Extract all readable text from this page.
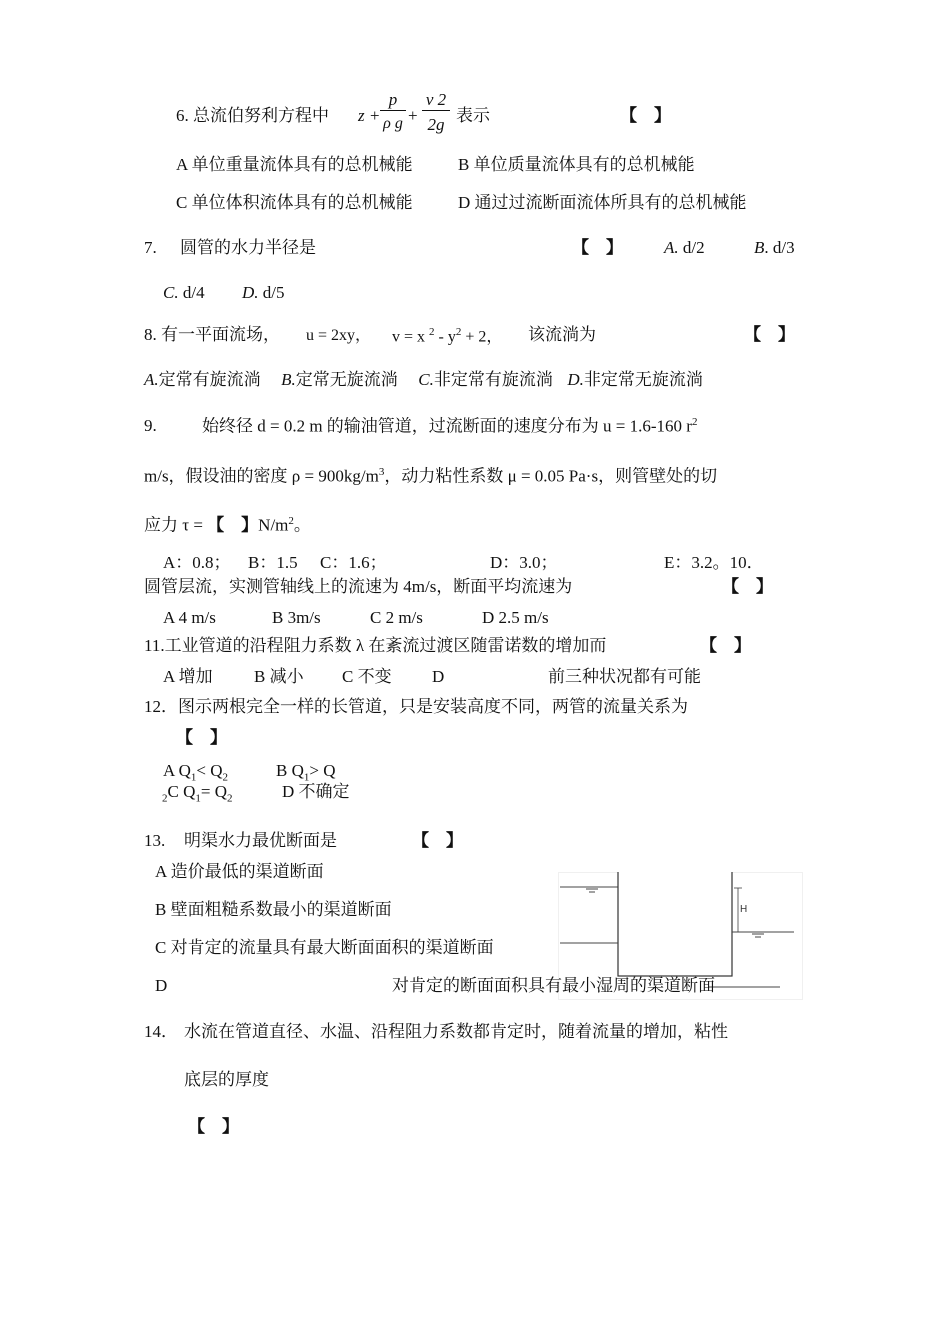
6. 总流伯努利方程中 $z + \frac{p}{\text{ρ g}} + \frac{v 2}{2g}$ 表示	【　】
A 单位重量流体具有的总机械能	B 单位质量流体具有的总机械能
C 单位体积流体具有的总机械能	D 通过过流断面流体所具有的总机械能
7. 圆管的水力半径是	【　】 A. d/2	B. d/3
C. d/4 D. d/5
8. 有一平面流场， u = 2xy， v = x $^2 - y^2 + 2$， 该流淌为	【　】
A.定常有旋流淌 B.定常无旋流淌 C.非定常有旋流淌 D.非定常无旋流淌
9.	始终径 d = 0.2 m 的输油管道，过流断面的速度分布为 u = 1.6-160 $r^2$
m/s，假设油的密度 $\rho = 900kg/m^3$，动力粘性系数 μ = 0.05 Pa·s，则管壁处的切
应力 τ = 【　】$N/m^2$。
A：0.8； B：1.5 C：1.6；	D：3.0；	E：3.2。10．
圆管层流，实测管轴线上的流速为 4m/s，断面平均流速为	【　】
A 4 m/s	B 3m/s	C 2 m/s	D 2.5 m/s
11.工业管道的沿程阻力系数 λ 在紊流过渡区随雷诺数的增加而	【　】
A 增加 B 减小 C 不变 D	前三种状况都有可能
12．图示两根完全一样的长管道，只是安装高度不同，两管的流量关系为
【　】
A $Q_1< Q_2$	B $Q_1> Q$
$_2$C $Q_1= Q_2$	D 不确定
13. 明渠水力最优断面是	【　】
A 造价最低的渠道断面
B 壁面粗糙系数最小的渠道断面
C 对肯定的流量具有最大断面面积的渠道断面
D
H
对肯定的断面面积具有最小湿周的渠道断面
14． 水流在管道直径、水温、沿程阻力系数都肯定时，随着流量的增加，粘性
底层的厚度
【　】
